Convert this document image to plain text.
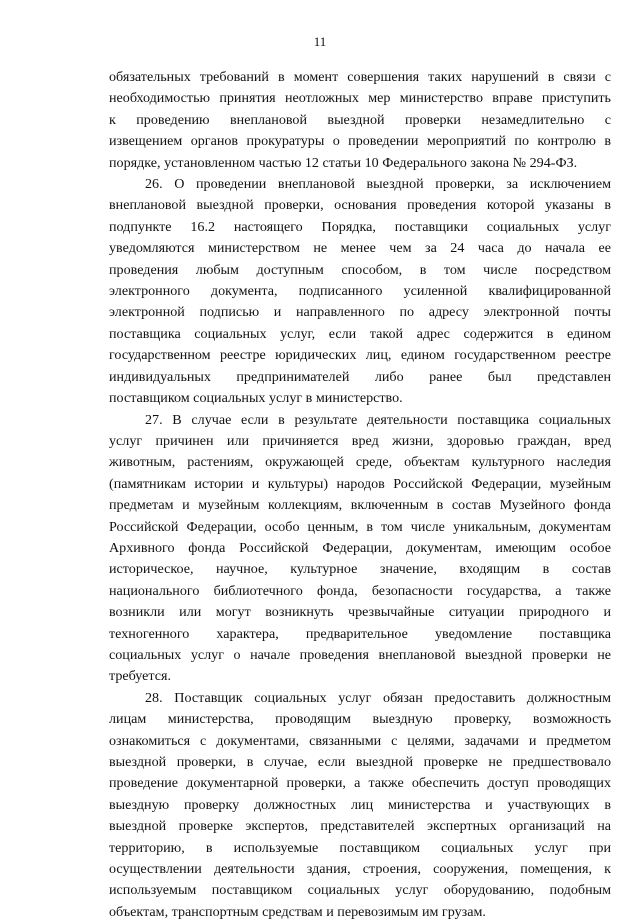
11
обязательных требований в момент совершения таких нарушений в связи с
необходимостью принятия неотложных мер министерство вправе приступить
к проведению внеплановой выездной проверки незамедлительно с
извещением органов прокуратуры о проведении мероприятий по контролю в
порядке, установленном частью 12 статьи 10 Федерального закона № 294-ФЗ.
26. О проведении внеплановой выездной проверки, за исключением
внеплановой выездной проверки, основания проведения которой указаны в
подпункте 16.2 настоящего Порядка, поставщики социальных услуг
уведомляются министерством не менее чем за 24 часа до начала ее
проведения любым доступным способом, в том числе посредством
электронного документа, подписанного усиленной квалифицированной
электронной подписью и направленного по адресу электронной почты
поставщика социальных услуг, если такой адрес содержится в едином
государственном реестре юридических лиц, едином государственном реестре
индивидуальных предпринимателей либо ранее был представлен
поставщиком социальных услуг в министерство.
27. В случае если в результате деятельности поставщика социальных
услуг причинен или причиняется вред жизни, здоровью граждан, вред
животным, растениям, окружающей среде, объектам культурного наследия
(памятникам истории и культуры) народов Российской Федерации, музейным
предметам и музейным коллекциям, включенным в состав Музейного фонда
Российской Федерации, особо ценным, в том числе уникальным, документам
Архивного фонда Российской Федерации, документам, имеющим особое
историческое, научное, культурное значение, входящим в состав
национального библиотечного фонда, безопасности государства, а также
возникли или могут возникнуть чрезвычайные ситуации природного и
техногенного характера, предварительное уведомление поставщика
социальных услуг о начале проведения внеплановой выездной проверки не
требуется.
28. Поставщик социальных услуг обязан предоставить должностным
лицам министерства, проводящим выездную проверку, возможность
ознакомиться с документами, связанными с целями, задачами и предметом
выездной проверки, в случае, если выездной проверке не предшествовало
проведение документарной проверки, а также обеспечить доступ проводящих
выездную проверку должностных лиц министерства и участвующих в
выездной проверке экспертов, представителей экспертных организаций на
территорию, в используемые поставщиком социальных услуг при
осуществлении деятельности здания, строения, сооружения, помещения, к
используемым поставщиком социальных услуг оборудованию, подобным
объектам, транспортным средствам и перевозимым им грузам.
